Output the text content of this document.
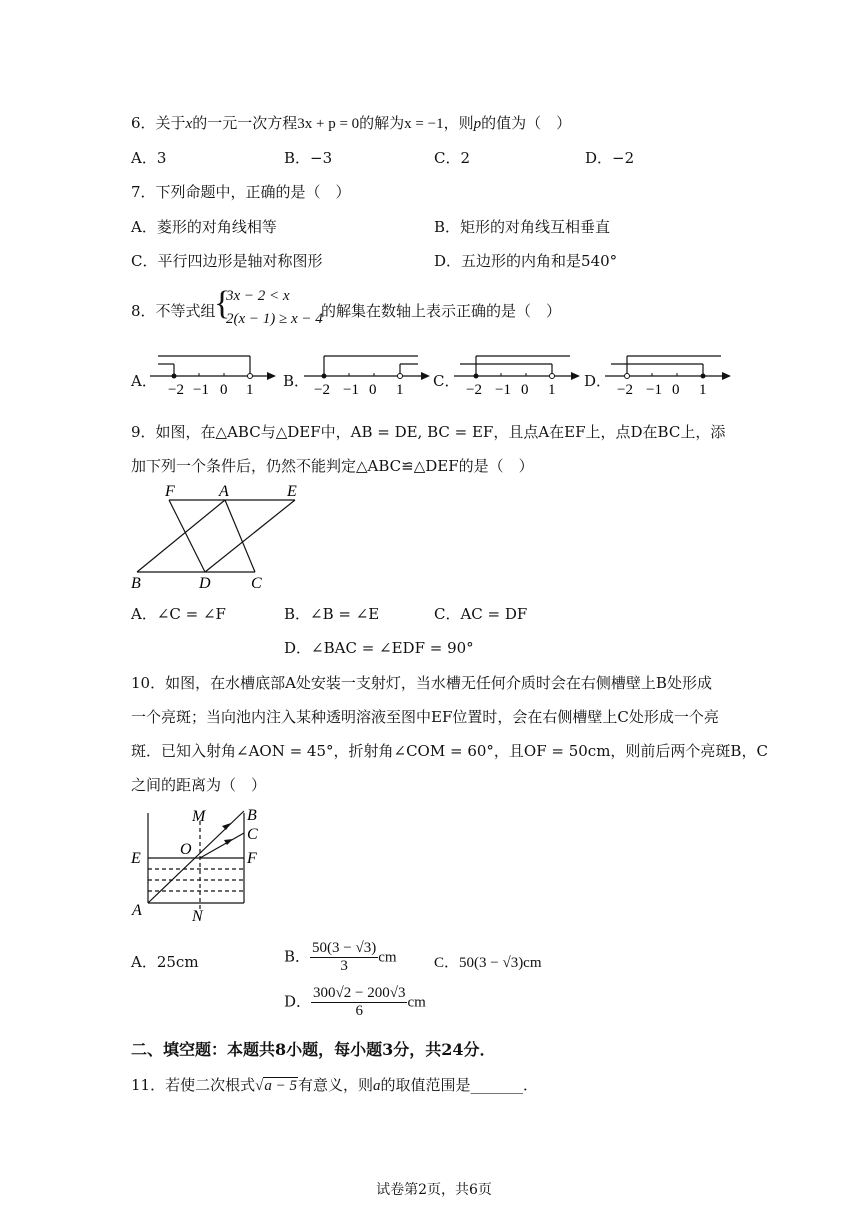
6．关于x的一元一次方程3x + p = 0的解为x = −1，则p的值为（　）
A．3	B．−3	C．2	D．−2
7．下列命题中，正确的是（　）
A．菱形的对角线相等	B．矩形的对角线互相垂直
C．平行四边形是轴对称图形	D．五边形的内角和是540°
8．不等式组
{
3x − 2 < x
2(x − 1) ≥ x − 4
的解集在数轴上表示正确的是（　）
A．	B．	C．	D．
−2 −1 0 1	−2 −1 0 1	−2 −1 0 1	−2 −1 0 1
9．如图，在△ABC与△DEF中，AB = DE, BC = EF，且点A在EF上，点D在BC上，添
加下列一个条件后，仍然不能判定△ABC≌△DEF的是（　）
F	A	E
B	D	C
A．∠C = ∠F	B．∠B = ∠E	C．AC = DF
D．∠BAC = ∠EDF = 90°
10．如图，在水槽底部A处安装一支射灯，当水槽无任何介质时会在右侧槽壁上B处形成
一个亮斑；当向池内注入某种透明溶液至图中EF位置时，会在右侧槽壁上C处形成一个亮
斑．已知入射角∠AON = 45°，折射角∠COM = 60°，且OF = 50cm，则前后两个亮斑B，C
之间的距离为（　）
M	B
C
O
E	F
A	N
A．25cm	B． $\frac{50(3 - √3)}{3}$ cm C．50(3 − √3)cm
D． $\frac{300√2 - 200√3}{6}$ cm
二、填空题：本题共8小题，每小题3分，共24分．
11．若使二次根式√a − 5有意义，则a的取值范围是_______．
试卷第2页，共6页
